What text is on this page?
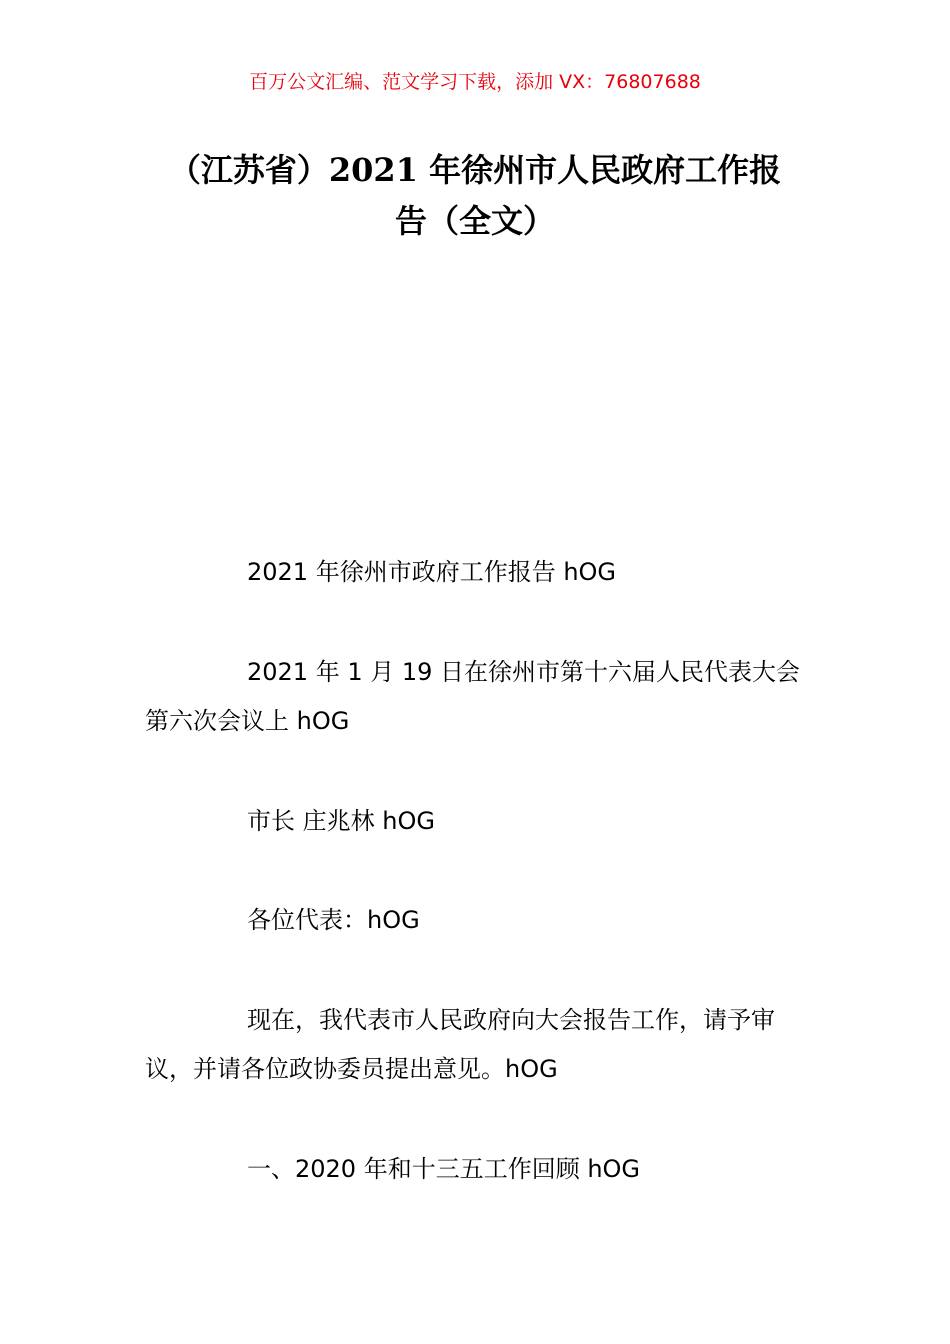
百万公文汇编、范文学习下载，添加 VX：76807688
（江苏省）2021 年徐州市人民政府工作报
告（全文）

2021 年徐州市政府工作报告 hOG

2021 年 1 月 19 日在徐州市第十六届人民代表大会第六次会议上 hOG

市长 庄兆林 hOG

各位代表：hOG

现在，我代表市人民政府向大会报告工作，请予审议，并请各位政协委员提出意见。hOG

一、2020 年和十三五工作回顾 hOG
